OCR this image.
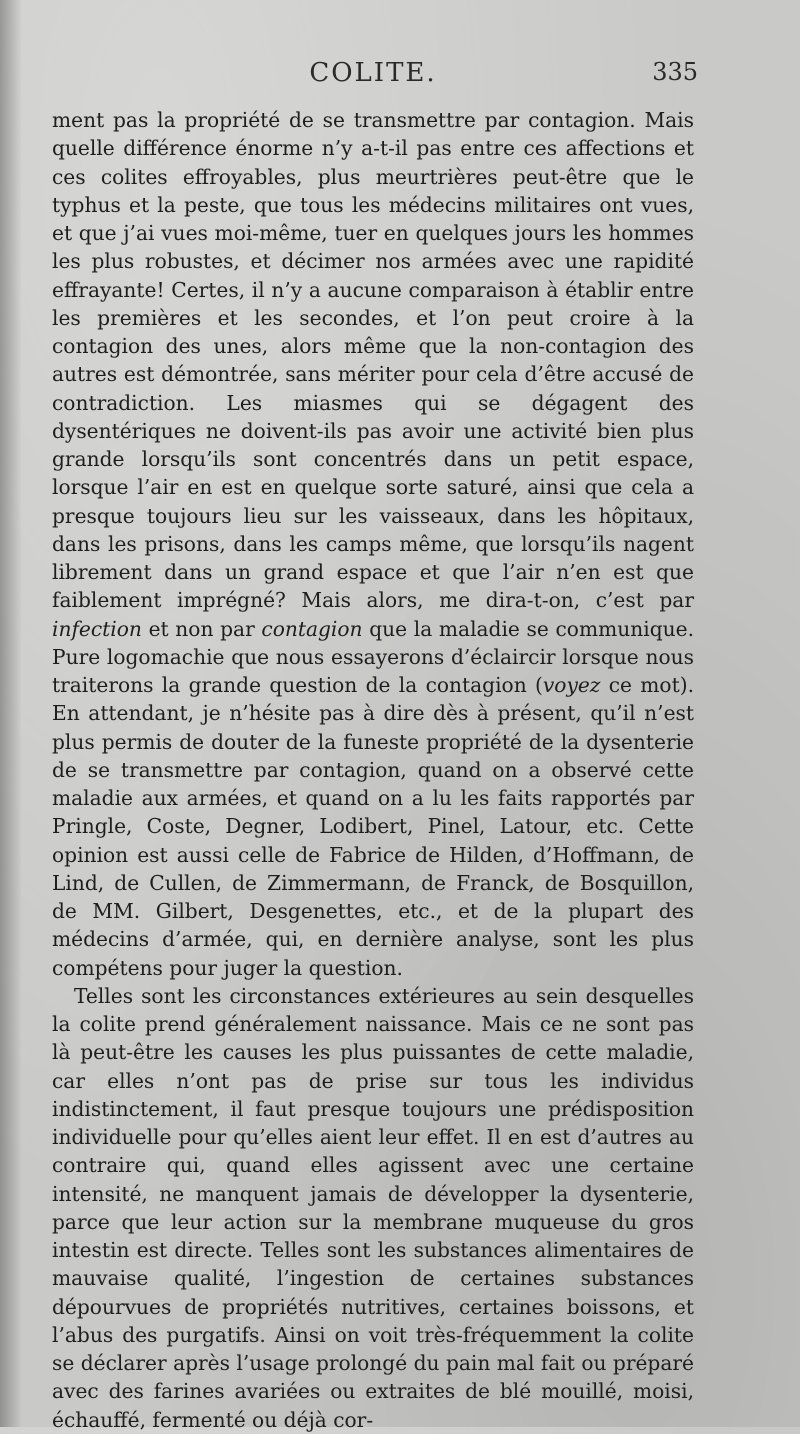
COLITE.	335

ment pas la propriété de se transmettre par contagion. Mais quelle différence énorme n’y a-t-il pas entre ces affections et ces colites effroyables, plus meurtrières peut-être que le typhus et la peste, que tous les médecins militaires ont vues, et que j’ai vues moi-même, tuer en quelques jours les hommes les plus robustes, et décimer nos armées avec une rapidité effrayante! Certes, il n’y a aucune comparaison à établir entre les premières et les secondes, et l’on peut croire à la contagion des unes, alors même que la non-contagion des autres est démontrée, sans mériter pour cela d’être accusé de contradiction. Les miasmes qui se dégagent des dysentériques ne doivent-ils pas avoir une activité bien plus grande lorsqu’ils sont concentrés dans un petit espace, lorsque l’air en est en quelque sorte saturé, ainsi que cela a presque toujours lieu sur les vaisseaux, dans les hôpitaux, dans les prisons, dans les camps même, que lorsqu’ils nagent librement dans un grand espace et que l’air n’en est que faiblement imprégné? Mais alors, me dira-t-on, c’est par infection et non par contagion que la maladie se communique. Pure logomachie que nous essayerons d’éclaircir lorsque nous traiterons la grande question de la contagion (voyez ce mot). En attendant, je n’hésite pas à dire dès à présent, qu’il n’est plus permis de douter de la funeste propriété de la dysenterie de se transmettre par contagion, quand on a observé cette maladie aux armées, et quand on a lu les faits rapportés par Pringle, Coste, Degner, Lodibert, Pinel, Latour, etc. Cette opinion est aussi celle de Fabrice de Hilden, d’Hoffmann, de Lind, de Cullen, de Zimmermann, de Franck, de Bosquillon, de MM. Gilbert, Desgenettes, etc., et de la plupart des médecins d’armée, qui, en dernière analyse, sont les plus compétens pour juger la question.

Telles sont les circonstances extérieures au sein desquelles la colite prend généralement naissance. Mais ce ne sont pas là peut-être les causes les plus puissantes de cette maladie, car elles n’ont pas de prise sur tous les individus indistinctement, il faut presque toujours une prédisposition individuelle pour qu’elles aient leur effet. Il en est d’autres au contraire qui, quand elles agissent avec une certaine intensité, ne manquent jamais de développer la dysenterie, parce que leur action sur la membrane muqueuse du gros intestin est directe. Telles sont les substances alimentaires de mauvaise qualité, l’ingestion de certaines substances dépourvues de propriétés nutritives, certaines boissons, et l’abus des purgatifs. Ainsi on voit très-fréquemment la colite se déclarer après l’usage prolongé du pain mal fait ou préparé avec des farines avariées ou extraites de blé mouillé, moisi, échauffé, fermenté ou déjà cor-
